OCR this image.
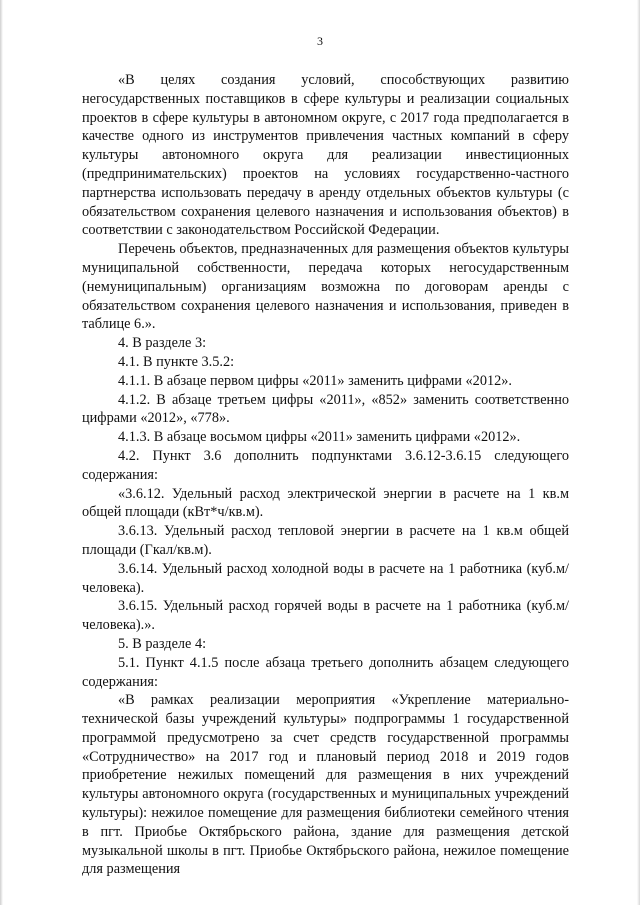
3

«В целях создания условий, способствующих развитию негосударственных поставщиков в сфере культуры и реализации социальных проектов в сфере культуры в автономном округе, с 2017 года предполагается в качестве одного из инструментов привлечения частных компаний в сферу культуры автономного округа для реализации инвестиционных (предпринимательских) проектов на условиях государственно-частного партнерства использовать передачу в аренду отдельных объектов культуры (с обязательством сохранения целевого назначения и использования объектов) в соответствии с законодательством Российской Федерации.

Перечень объектов, предназначенных для размещения объектов культуры муниципальной собственности, передача которых негосударственным (немуниципальным) организациям возможна по договорам аренды с обязательством сохранения целевого назначения и использования, приведен в таблице 6.».

4. В разделе 3:

4.1. В пункте 3.5.2:

4.1.1. В абзаце первом цифры «2011» заменить цифрами «2012».

4.1.2. В абзаце третьем цифры «2011», «852» заменить соответственно цифрами «2012», «778».

4.1.3. В абзаце восьмом цифры «2011» заменить цифрами «2012».

4.2. Пункт 3.6 дополнить подпунктами 3.6.12-3.6.15 следующего содержания:

«3.6.12. Удельный расход электрической энергии в расчете на 1 кв.м общей площади (кВт*ч/кв.м).

3.6.13. Удельный расход тепловой энергии в расчете на 1 кв.м общей площади (Гкал/кв.м).

3.6.14. Удельный расход холодной воды в расчете на 1 работника (куб.м/человека).

3.6.15. Удельный расход горячей воды в расчете на 1 работника (куб.м/человека).».

5. В разделе 4:

5.1. Пункт 4.1.5 после абзаца третьего дополнить абзацем следующего содержания:

«В рамках реализации мероприятия «Укрепление материально-технической базы учреждений культуры» подпрограммы 1 государственной программой предусмотрено за счет средств государственной программы «Сотрудничество» на 2017 год и плановый период 2018 и 2019 годов приобретение нежилых помещений для размещения в них учреждений культуры автономного округа (государственных и муниципальных учреждений культуры): нежилое помещение для размещения библиотеки семейного чтения в пгт. Приобье Октябрьского района, здание для размещения детской музыкальной школы в пгт. Приобье Октябрьского района, нежилое помещение для размещения
